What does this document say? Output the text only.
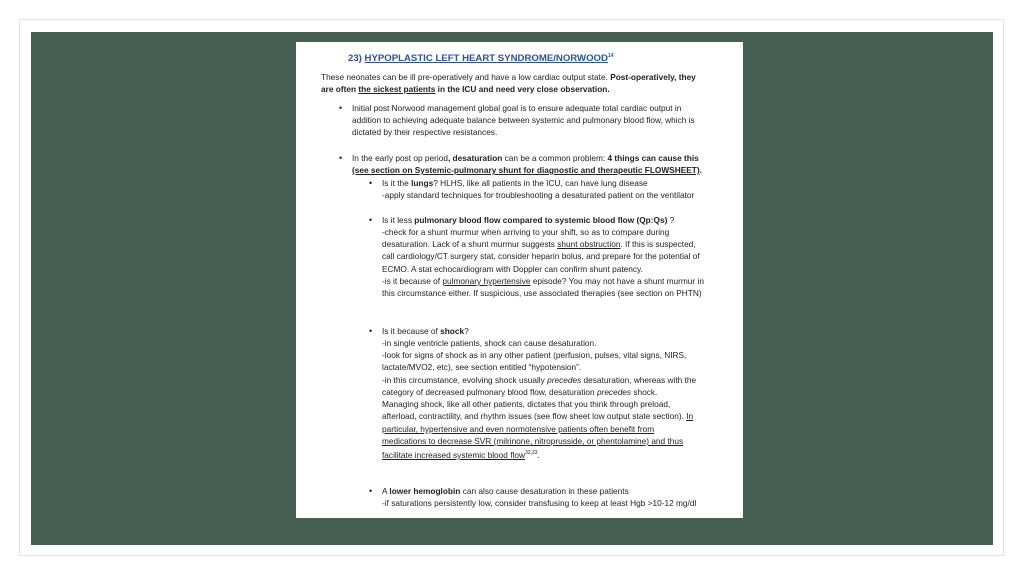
23) HYPOPLASTIC LEFT HEART SYNDROME/NORWOOD$^{14}$
These neonates can be ill pre-operatively and have a low cardiac output state. Post-operatively, they
are often the sickest patients in the ICU and need very close observation.
• Initial post Norwood management global goal is to ensure adequate total cardiac output in
addition to achieving adequate balance between systemic and pulmonary blood flow, which is
dictated by their respective resistances.
• In the early post op period, desaturation can be a common problem: 4 things can cause this
(see section on Systemic-pulmonary shunt for diagnostic and therapeutic FLOWSHEET).
• Is it the lungs? HLHS, like all patients in the ICU, can have lung disease
-apply standard techniques for troubleshooting a desaturated patient on the ventilator
• Is it less pulmonary blood flow compared to systemic blood flow (Qp:Qs) ?
-check for a shunt murmur when arriving to your shift, so as to compare during
desaturation. Lack of a shunt murmur suggests shunt obstruction. If this is suspected,
call cardiology/CT surgery stat, consider heparin bolus, and prepare for the potential of
ECMO. A stat echocardiogram with Doppler can confirm shunt patency.
-is it because of pulmonary hypertensive episode? You may not have a shunt murmur in
this circumstance either. If suspicious, use associated therapies (see section on PHTN)
• Is it because of shock?
-in single ventricle patients, shock can cause desaturation.
-look for signs of shock as in any other patient (perfusion, pulses, vital signs, NIRS,
lactate/MVO2, etc), see section entitled “hypotension”.
-in this circumstance, evolving shock usually precedes desaturation, whereas with the
category of decreased pulmonary blood flow, desaturation precedes shock.
Managing shock, like all other patients, dictates that you think through preload,
afterload, contractility, and rhythm issues (see flow sheet low output state section). In
particular, hypertensive and even normotensive patients often benefit from
medications to decrease SVR (milrinone, nitroprusside, or phentolamine) and thus
facilitate increased systemic blood flow$^{32,33}$.
• A lower hemoglobin can also cause desaturation in these patients
-if saturations persistently low, consider transfusing to keep at least Hgb >10-12 mg/dl
